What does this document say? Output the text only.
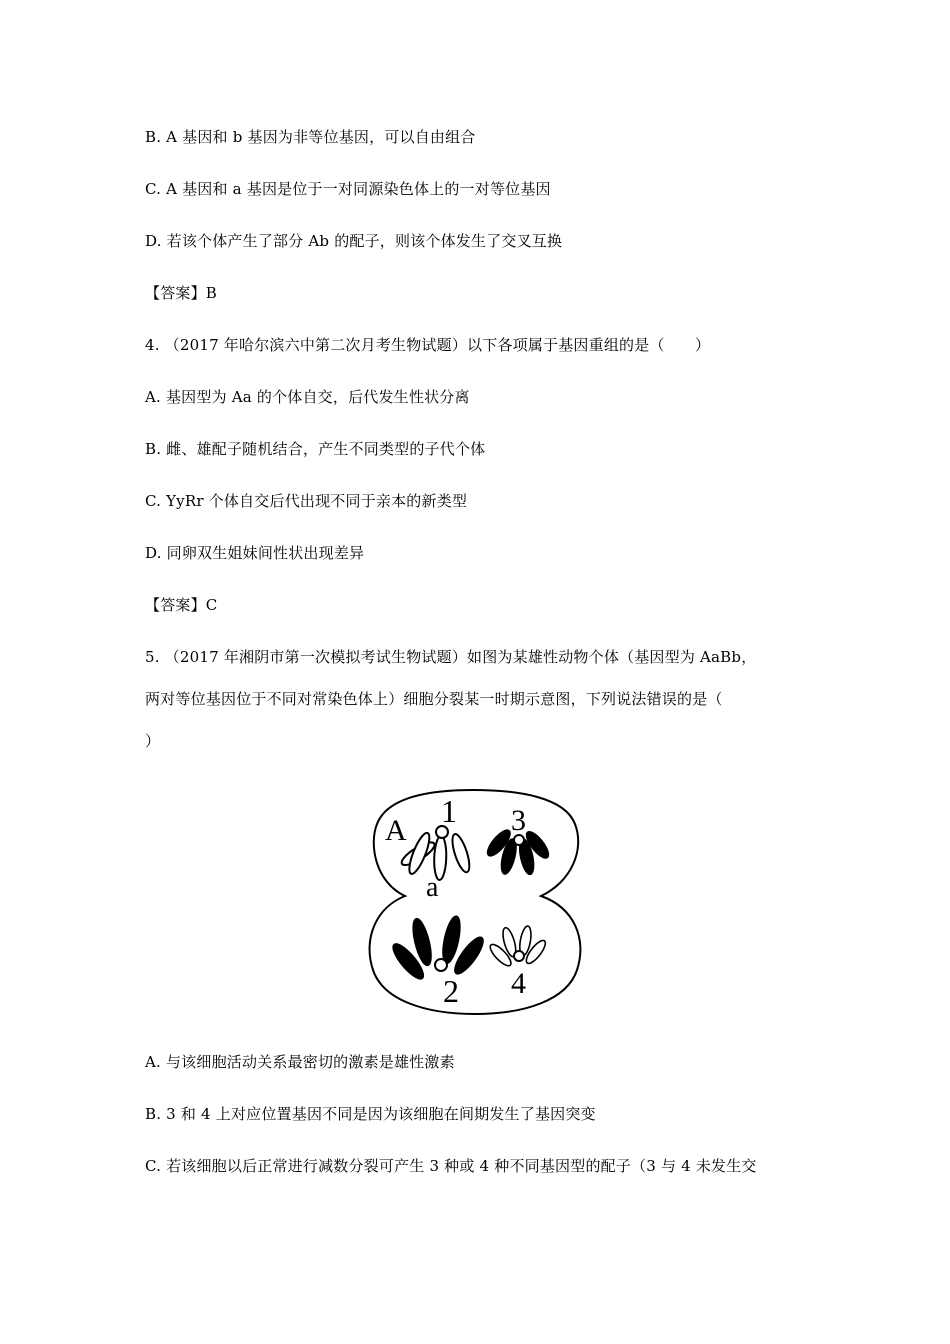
B. A 基因和 b 基因为非等位基因，可以自由组合
C. A 基因和 a 基因是位于一对同源染色体上的一对等位基因
D. 若该个体产生了部分 Ab 的配子，则该个体发生了交叉互换
【答案】B
4. （2017 年哈尔滨六中第二次月考生物试题）以下各项属于基因重组的是（　　）
A. 基因型为 Aa 的个体自交，后代发生性状分离
B. 雌、雄配子随机结合，产生不同类型的子代个体
C. YyRr 个体自交后代出现不同于亲本的新类型
D. 同卵双生姐妹间性状出现差异
【答案】C
5. （2017 年湘阴市第一次模拟考试生物试题）如图为某雄性动物个体（基因型为 AaBb，
两对等位基因位于不同对常染色体上）细胞分裂某一时期示意图，下列说法错误的是（
）
A
a
1 3
2 4
A. 与该细胞活动关系最密切的激素是雄性激素
B. 3 和 4 上对应位置基因不同是因为该细胞在间期发生了基因突变
C. 若该细胞以后正常进行减数分裂可产生 3 种或 4 种不同基因型的配子（3 与 4 未发生交
